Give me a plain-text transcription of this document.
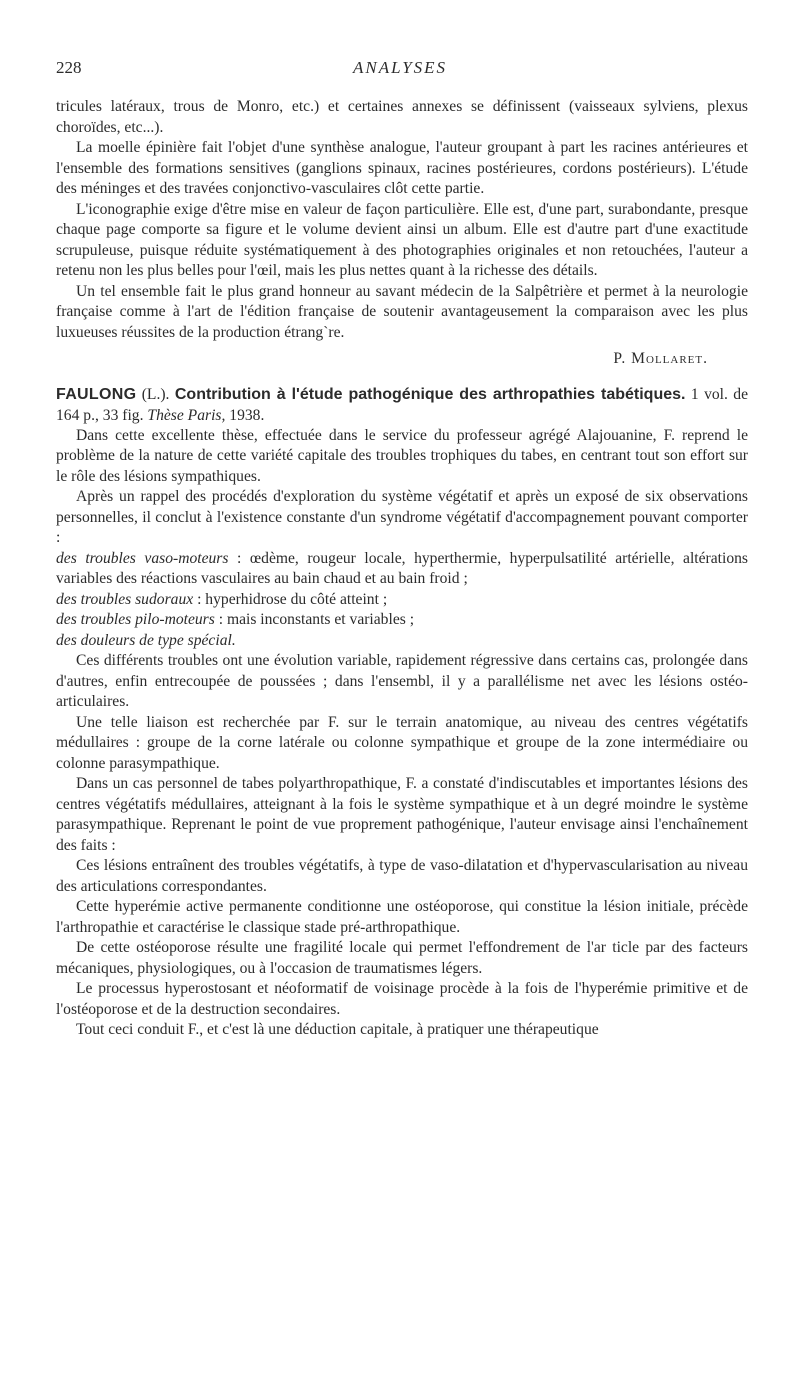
228	ANALYSES

tricules latéraux, trous de Monro, etc.) et certaines annexes se définissent (vaisseaux sylviens, plexus choroïdes, etc...).

La moelle épinière fait l'objet d'une synthèse analogue, l'auteur groupant à part les racines antérieures et l'ensemble des formations sensitives (ganglions spinaux, racines postérieures, cordons postérieurs). L'étude des méninges et des travées conjonctivo-vasculaires clôt cette partie.

L'iconographie exige d'être mise en valeur de façon particulière. Elle est, d'une part, surabondante, presque chaque page comporte sa figure et le volume devient ainsi un album. Elle est d'autre part d'une exactitude scrupuleuse, puisque réduite systématiquement à des photographies originales et non retouchées, l'auteur a retenu non les plus belles pour l'œil, mais les plus nettes quant à la richesse des détails.

Un tel ensemble fait le plus grand honneur au savant médecin de la Salpêtrière et permet à la neurologie française comme à l'art de l'édition française de soutenir avantageusement la comparaison avec les plus luxueuses réussites de la production étrang`re.

P. Mollaret.

FAULONG (L.). Contribution à l'étude pathogénique des arthropathies tabétiques. 1 vol. de 164 p., 33 fig. Thèse Paris, 1938.

Dans cette excellente thèse, effectuée dans le service du professeur agrégé Alajouanine, F. reprend le problème de la nature de cette variété capitale des troubles trophiques du tabes, en centrant tout son effort sur le rôle des lésions sympathiques.

Après un rappel des procédés d'exploration du système végétatif et après un exposé de six observations personnelles, il conclut à l'existence constante d'un syndrome végétatif d'accompagnement pouvant comporter :

des troubles vaso-moteurs : œdème, rougeur locale, hyperthermie, hyperpulsatilité artérielle, altérations variables des réactions vasculaires au bain chaud et au bain froid ;

des troubles sudoraux : hyperhidrose du côté atteint ;

des troubles pilo-moteurs : mais inconstants et variables ;

des douleurs de type spécial.

Ces différents troubles ont une évolution variable, rapidement régressive dans certains cas, prolongée dans d'autres, enfin entrecoupée de poussées ; dans l'ensembl, il y a parallélisme net avec les lésions ostéo-articulaires.

Une telle liaison est recherchée par F. sur le terrain anatomique, au niveau des centres végétatifs médullaires : groupe de la corne latérale ou colonne sympathique et groupe de la zone intermédiaire ou colonne parasympathique.

Dans un cas personnel de tabes polyarthropathique, F. a constaté d'indiscutables et importantes lésions des centres végétatifs médullaires, atteignant à la fois le système sympathique et à un degré moindre le système parasympathique. Reprenant le point de vue proprement pathogénique, l'auteur envisage ainsi l'enchaînement des faits :

Ces lésions entraînent des troubles végétatifs, à type de vaso-dilatation et d'hypervascularisation au niveau des articulations correspondantes.

Cette hyperémie active permanente conditionne une ostéoporose, qui constitue la lésion initiale, précède l'arthropathie et caractérise le classique stade pré-arthropathique.

De cette ostéoporose résulte une fragilité locale qui permet l'effondrement de l'ar ticle par des facteurs mécaniques, physiologiques, ou à l'occasion de traumatismes légers.

Le processus hyperostosant et néoformatif de voisinage procède à la fois de l'hyperémie primitive et de l'ostéoporose et de la destruction secondaires.

Tout ceci conduit F., et c'est là une déduction capitale, à pratiquer une thérapeutique
